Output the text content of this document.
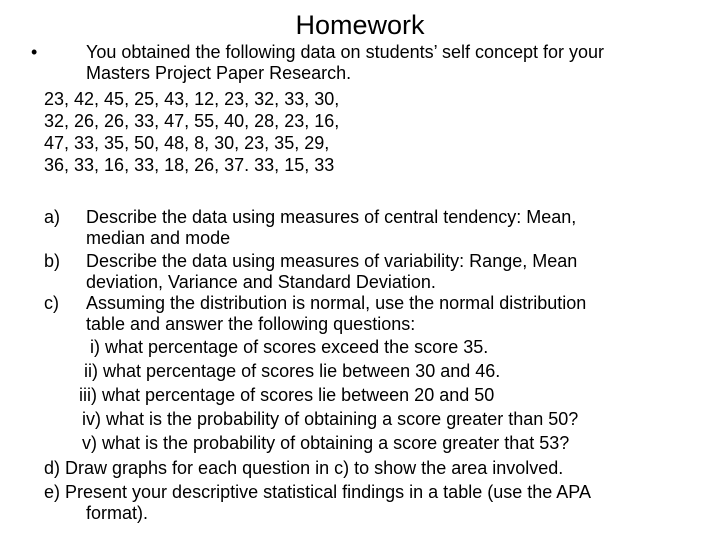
Homework
•	You obtained the following data on students’ self concept for your
Masters Project Paper Research.
23, 42, 45, 25, 43, 12, 23, 32, 33, 30,
32, 26, 26, 33, 47, 55, 40, 28, 23, 16,
47, 33, 35, 50, 48, 8, 30, 23, 35, 29,
36, 33, 16, 33, 18, 26, 37. 33, 15, 33
a) Describe the data using measures of central tendency: Mean,
median and mode
b) Describe the data using measures of variability: Range, Mean
deviation, Variance and Standard Deviation.
c) Assuming the distribution is normal, use the normal distribution
table and answer the following questions:
i) what percentage of scores exceed the score 35.
ii) what percentage of scores lie between 30 and 46.
iii) what percentage of scores lie between 20 and 50
iv) what is the probability of obtaining a score greater than 50?
v) what is the probability of obtaining a score greater that 53?
d) Draw graphs for each question in c) to show the area involved.
e) Present your descriptive statistical findings in a table (use the APA
format).
